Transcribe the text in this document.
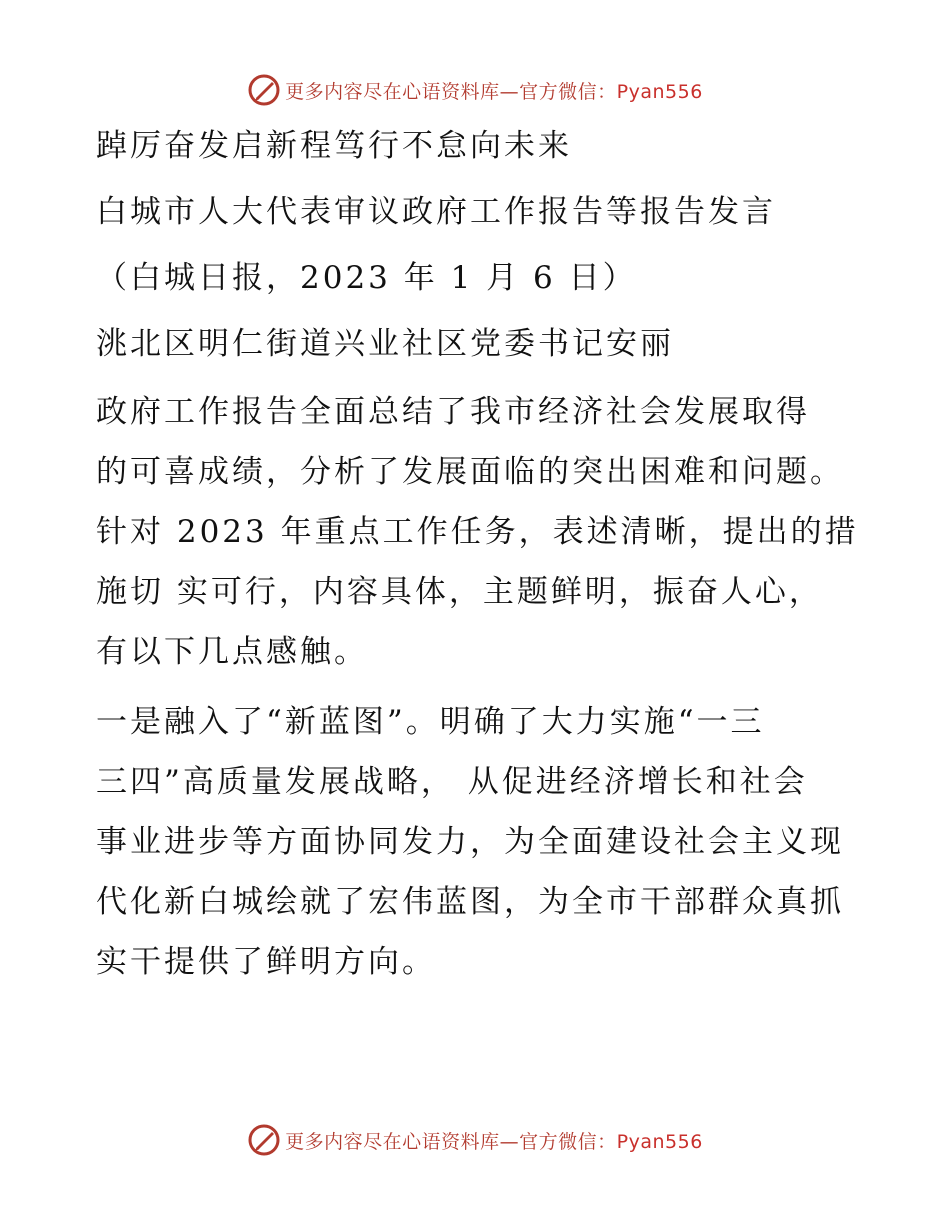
更多内容尽在心语资料库—官方微信：Pyan556

踔厉奋发启新程笃行不怠向未来

白城市人大代表审议政府工作报告等报告发言

（白城日报，2023 年 1 月 6 日）

洮北区明仁街道兴业社区党委书记安丽

政府工作报告全面总结了我市经济社会发展取得
的可喜成绩，分析了发展面临的突出困难和问题。
针对 2023 年重点工作任务，表述清晰，提出的措
施切 实可行，内容具体，主题鲜明，振奋人心，
有以下几点感触。

一是融入了“新蓝图”。明确了大力实施“一三
三四”高质量发展战略， 从促进经济增长和社会
事业进步等方面协同发力，为全面建设社会主义现
代化新白城绘就了宏伟蓝图，为全市干部群众真抓
实干提供了鲜明方向。

更多内容尽在心语资料库—官方微信：Pyan556
